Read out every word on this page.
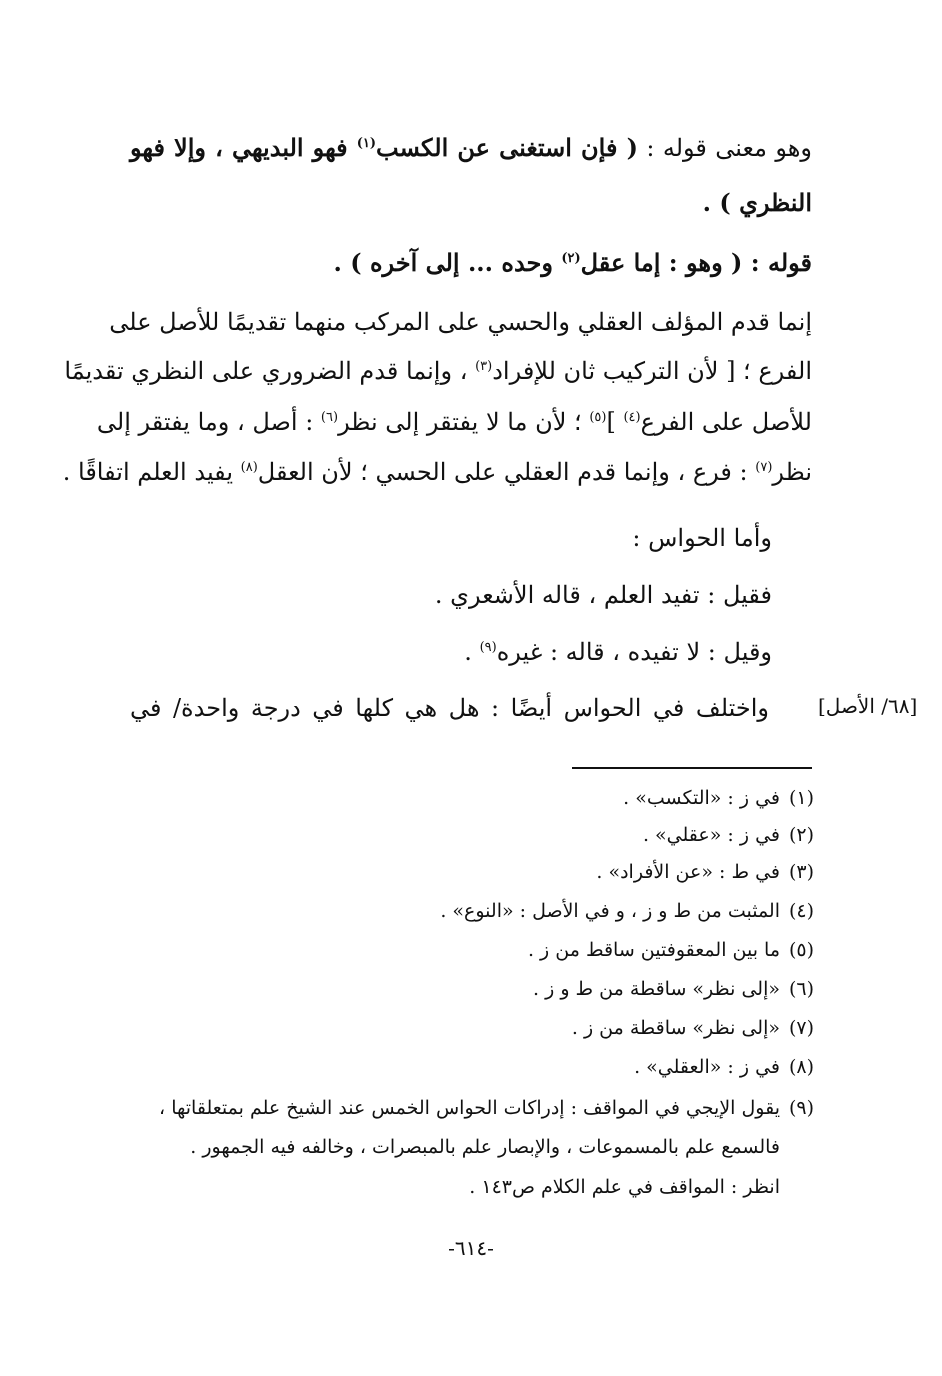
وهو معنى قوله : ( فإن استغنى عن الكسب$^{(١)}$ فهو البديهي ، وإلا فهو
النظري ) .
قوله : ( وهو : إما عقل$^{(٢)}$ وحده ... إلى آخره ) .
إنما قدم المؤلف العقلي والحسي على المركب منهما تقديمًا للأصل على
الفرع ؛ [ لأن التركيب ثان للإفراد$^{(٣)}$ ، وإنما قدم الضروري على النظري تقديمًا
للأصل على الفرع$^{(٤)}$ ]$^{(٥)}$ ؛ لأن ما لا يفتقر إلى نظر$^{(٦)}$ : أصل ، وما يفتقر إلى
نظر$^{(٧)}$ : فرع ، وإنما قدم العقلي على الحسي ؛ لأن العقل$^{(٨)}$ يفيد العلم اتفاقًا .
وأما الحواس :
فقيل : تفيد العلم ، قاله الأشعري .
وقيل : لا تفيده ، قاله : غيره$^{(٩)}$ .
واختلف في الحواس أيضًا : هل هي كلها في درجة واحدة/ في [٦٨/ الأصل]
(١)في ز : «التكسب» .
(٢)في ز : «عقلي» .
(٣)في ط : «عن الأفراد» .
(٤)المثبت من ط و ز ، و في الأصل : «النوع» .
(٥)ما بين المعقوفتين ساقط من ز .
(٦)«إلى نظر» ساقطة من ط و ز .
(٧)«إلى نظر» ساقطة من ز .
(٨)في ز : «العقلي» .
(٩)يقول الإيجي في المواقف : إدراكات الحواس الخمس عند الشيخ علم بمتعلقاتها ،
فالسمع علم بالمسموعات ، والإبصار علم بالمبصرات ، وخالفه فيه الجمهور .
انظر : المواقف في علم الكلام ص١٤٣ .
-٦١٤-
